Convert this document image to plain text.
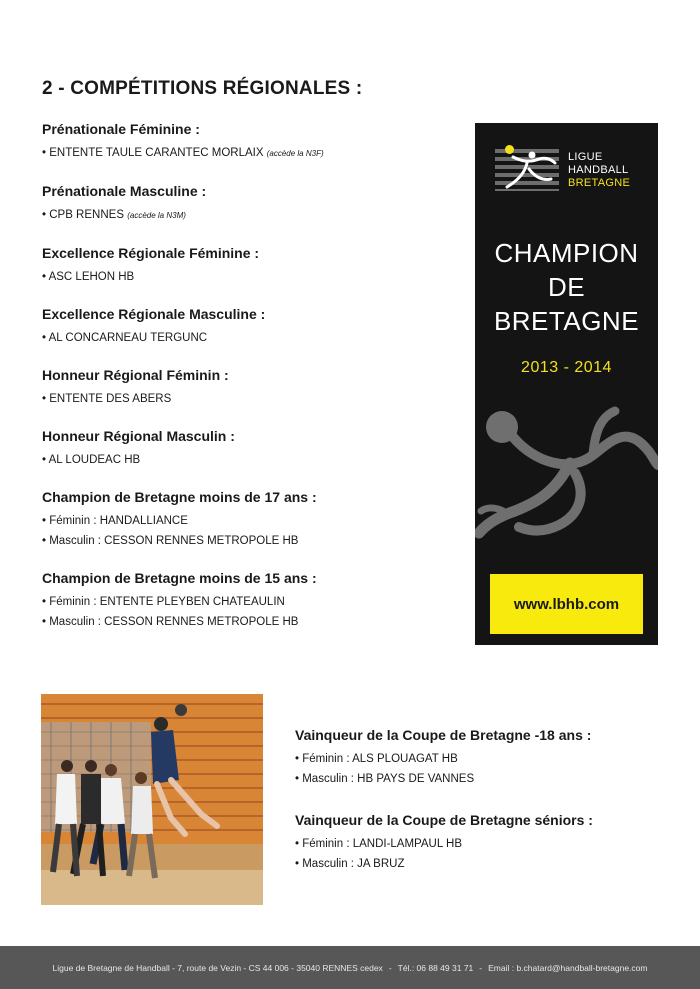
2 - COMPÉTITIONS RÉGIONALES :
Prénationale Féminine :

• ENTENTE TAULE CARANTEC MORLAIX (accède la N3F)

Prénationale Masculine :

• CPB RENNES (accède la N3M)

Excellence Régionale Féminine :

• ASC LEHON HB

Excellence Régionale Masculine :

• AL CONCARNEAU TERGUNC

Honneur Régional Féminin :

• ENTENTE DES ABERS

Honneur Régional Masculin :

• AL LOUDEAC HB

Champion de Bretagne moins de 17 ans :

• Féminin : HANDALLIANCE

• Masculin : CESSON RENNES METROPOLE HB

Champion de Bretagne moins de 15 ans :

• Féminin : ENTENTE PLEYBEN CHATEAULIN

• Masculin : CESSON RENNES METROPOLE HB

LIGUE
HANDBALL
BRETAGNE
CHAMPION
DE
BRETAGNE
2013 - 2014
www.lbhb.com
Vainqueur de la Coupe de Bretagne -18 ans :

• Féminin : ALS PLOUAGAT HB

• Masculin : HB PAYS DE VANNES

Vainqueur de la Coupe de Bretagne séniors :

• Féminin : LANDI-LAMPAUL HB

• Masculin : JA BRUZ

Ligue de Bretagne de Handball - 7, route de Vezin - CS 44 006 - 35040 RENNES cedex - Tél.: 06 88 49 31 71 - Email : b.chatard@handball-bretagne.com
